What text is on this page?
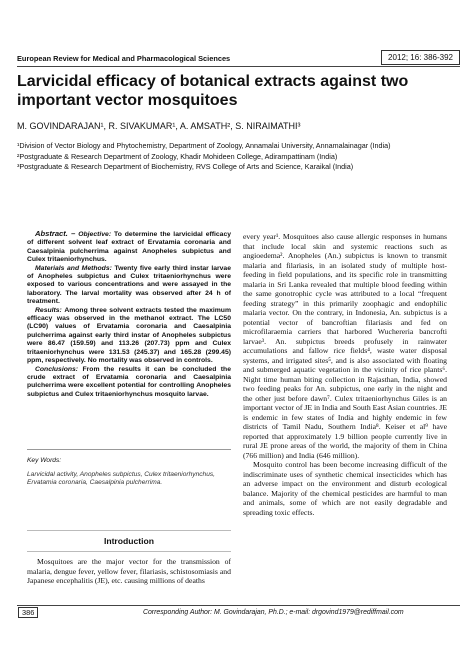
European Review for Medical and Pharmacological Sciences	2012; 16: 386-392
Larvicidal efficacy of botanical extracts against two important vector mosquitoes
M. GOVINDARAJAN¹, R. SIVAKUMAR¹, A. AMSATH², S. NIRAIMATHI³
¹Division of Vector Biology and Phytochemistry, Department of Zoology, Annamalai University, Annamalainagar (India)
²Postgraduate & Research Department of Zoology, Khadir Mohideen College, Adirampattinam (India)
³Postgraduate & Research Department of Biochemistry, RVS College of Arts and Science, Karaikal (India)

Abstract. – Objective: To determine the larvicidal efficacy of different solvent leaf extract of Ervatamia coronaria and Caesalpinia pulcherrima against Anopheles subpictus and Culex tritaeniorhynchus.

Materials and Methods: Twenty five early third instar larvae of Anopheles subpictus and Culex tritaeniorhynchus were exposed to various concentrations and were assayed in the laboratory. The larval mortality was observed after 24 h of treatment.

Results: Among three solvent extracts tested the maximum efficacy was observed in the methanol extract. The LC50 (LC90) values of Ervatamia coronaria and Caesalpinia pulcherrima against early third instar of Anopheles subpictus were 86.47 (159.59) and 113.26 (207.73) ppm and Culex tritaeniorhynchus were 131.53 (245.37) and 165.28 (299.45) ppm, respectively. No mortality was observed in controls.

Conclusions: From the results it can be concluded the crude extract of Ervatamia coronaria and Caesalpinia pulcherrima were excellent potential for controlling Anopheles subpictus and Culex tritaeniorhynchus mosquito larvae.

Key Words:
Larvicidal activity, Anopheles subpictus, Culex tritaeniorhynchus, Ervatamia coronaria, Caesalpinia pulcherrima.
Introduction

Mosquitoes are the major vector for the transmission of malaria, dengue fever, yellow fever, filariasis, schistosomiasis and Japanese encephalitis (JE), etc. causing millions of deaths

every year¹. Mosquitoes also cause allergic responses in humans that include local skin and systemic reactions such as angioedema². Anopheles (An.) subpictus is known to transmit malaria and filariasis, in an isolated study of multiple host-feeding in field populations, and its specific role in transmitting malaria in Sri Lanka revealed that multiple blood feeding within the same gonotrophic cycle was attributed to a local “frequent feeding strategy” in this primarily zoophagic and endophilic malaria vector. On the contrary, in Indonesia, An. subpictus is a potential vector of bancroftian filariasis and fed on microfilaraemia carriers that harbored Wuchereria bancrofti larvae³. An. subpictus breeds profusely in rainwater accumulations and fallow rice fields⁴, waste water disposal systems, and irrigated sites⁵, and is also associated with floating and submerged aquatic vegetation in the vicinity of rice plants⁶. Night time human biting collection in Rajasthan, India, showed two feeding peaks for An. subpictus, one early in the night and the other just before dawn⁷. Culex tritaeniorhynchus Giles is an important vector of JE in India and South East Asian countries. JE is endemic in few states of India and highly endemic in few districts of Tamil Nadu, Southern India⁸. Keiser et al⁹ have reported that approximately 1.9 billion people currently live in rural JE prone areas of the world, the majority of them in China (766 million) and India (646 million).

Mosquito control has been become increasing difficult of the indiscriminate uses of synthetic chemical insecticides which has an adverse impact on the environment and disturb ecological balance. Majority of the chemical pesticides are harmful to man and animals, some of which are not easily degradable and spreading toxic effects.

386	Corresponding Author: M. Govindarajan, Ph.D.; e-mail: drgovind1979@rediffmail.com
